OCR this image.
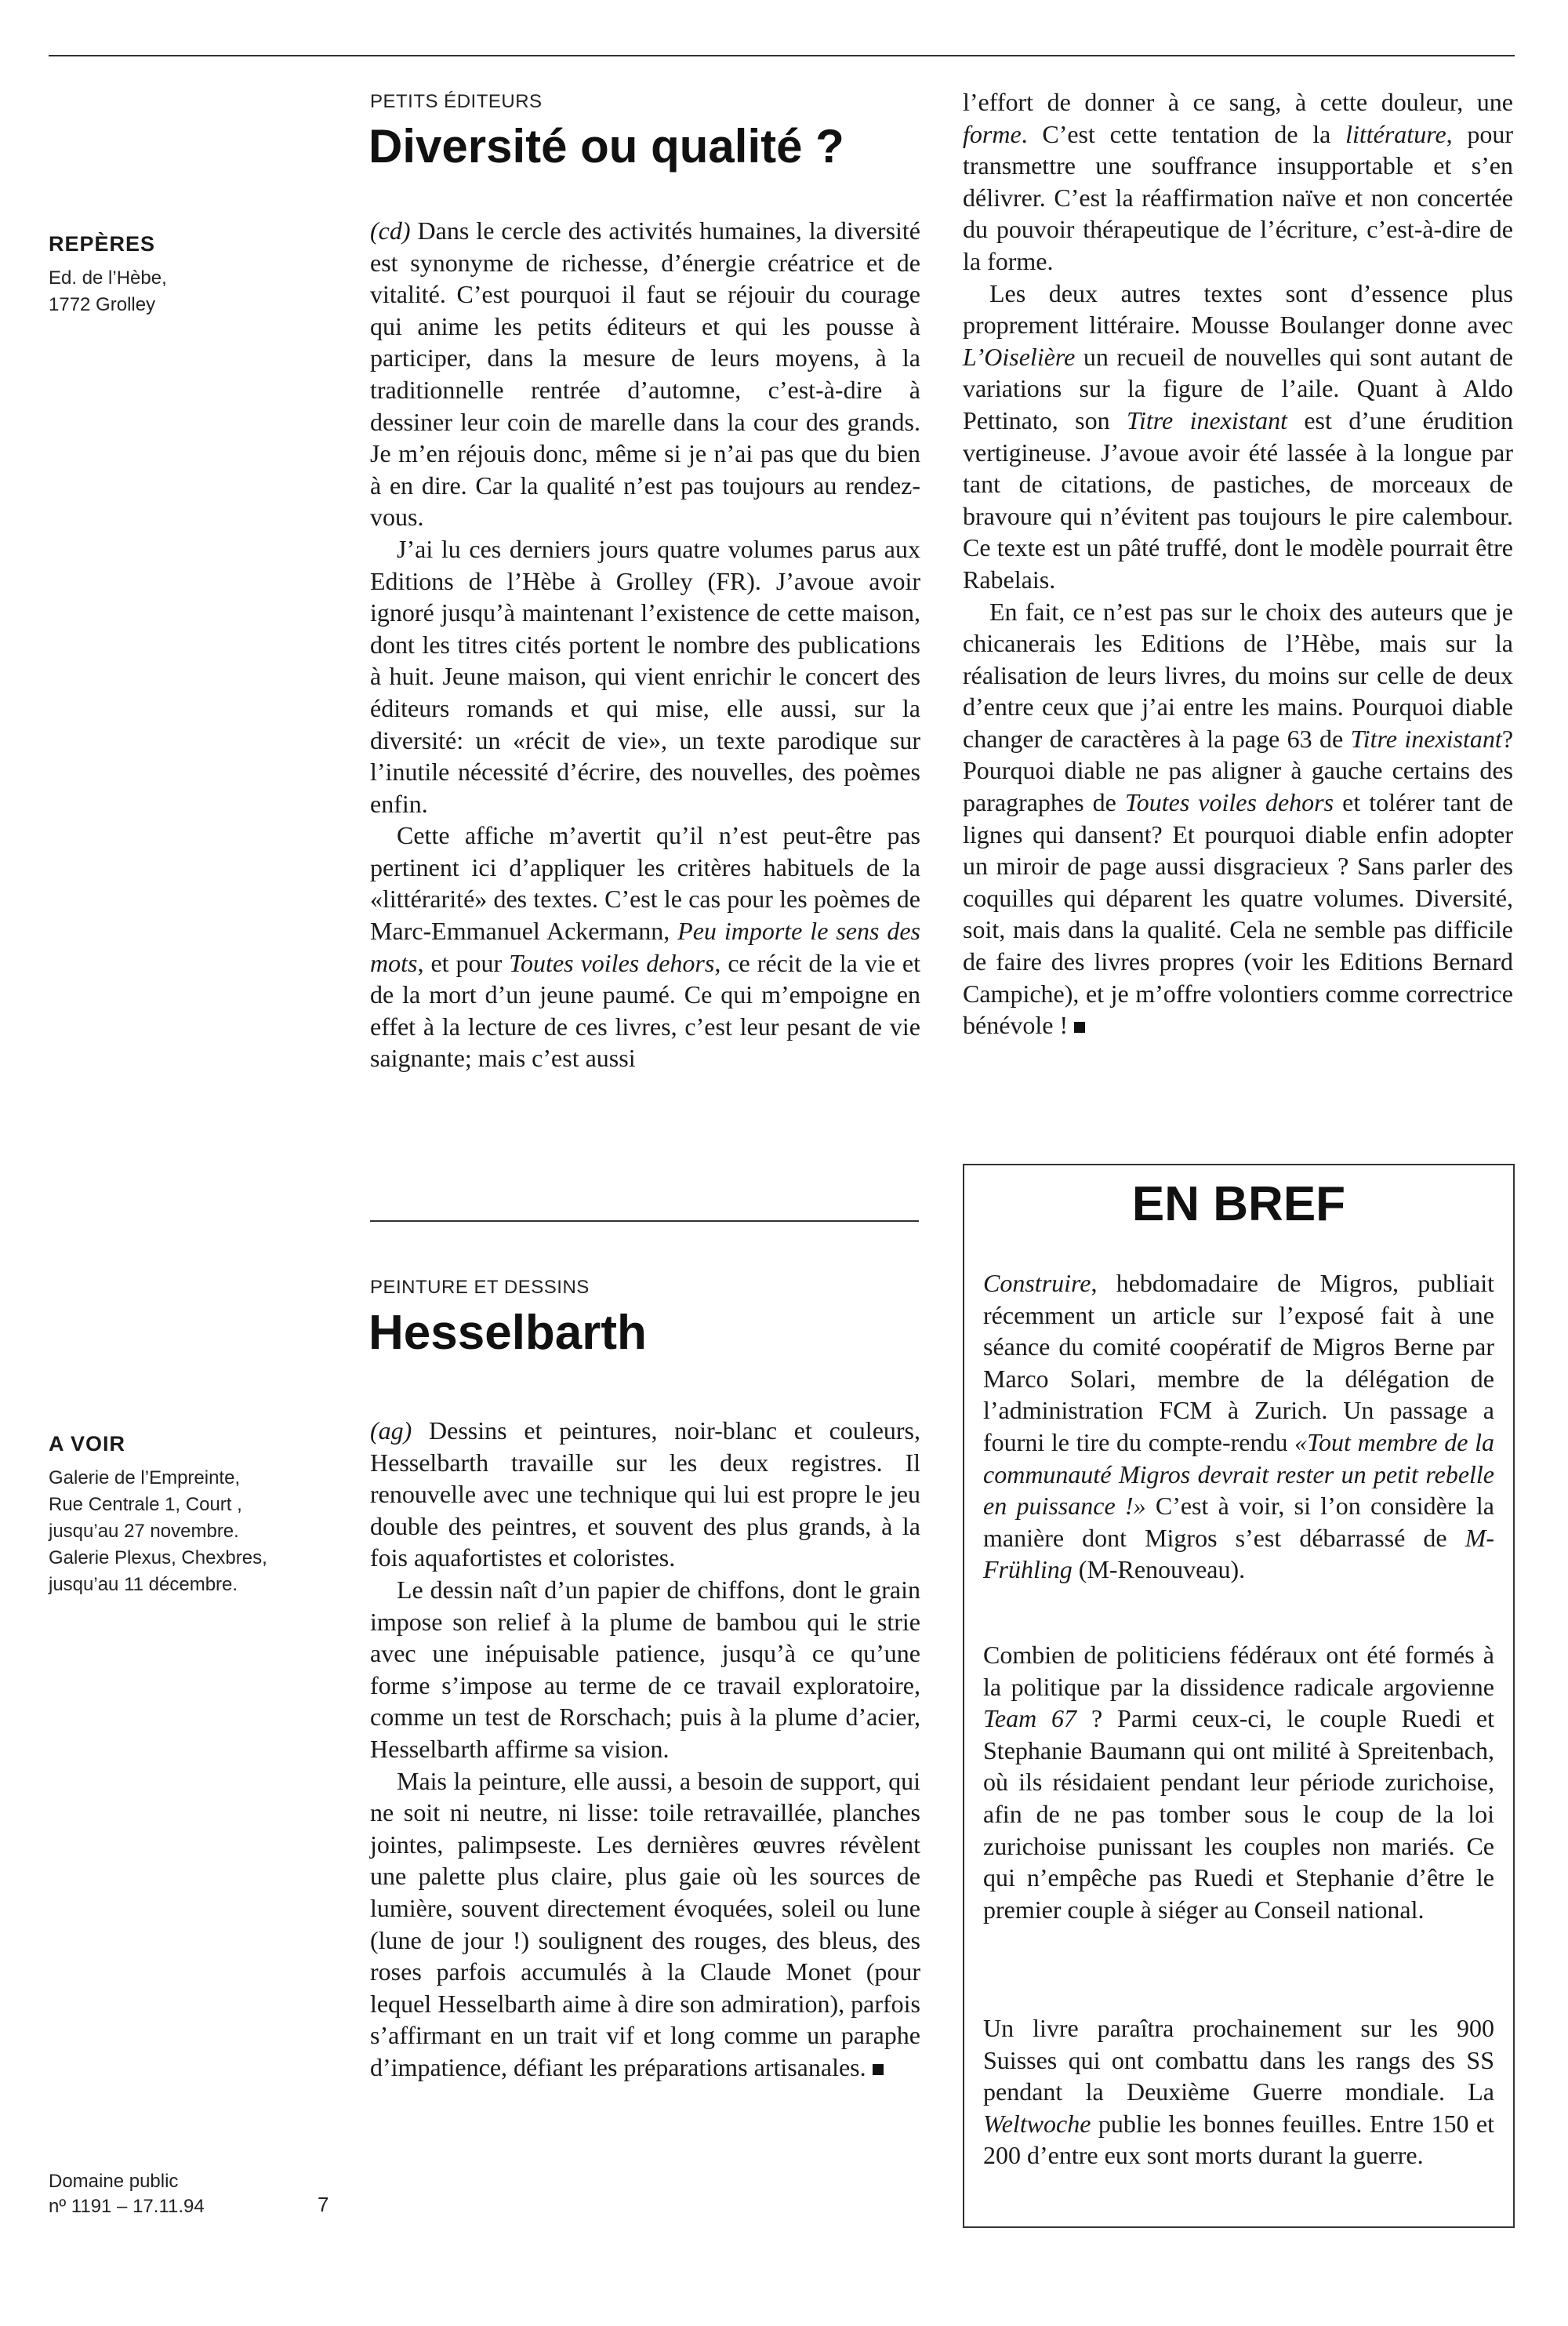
REPÈRES
Ed. de l’Hèbe,
1772 Grolley
A VOIR
Galerie de l’Empreinte,
Rue Centrale 1, Court ,
jusqu’au 27 novembre.
Galerie Plexus, Chexbres,
jusqu’au 11 décembre.
Domaine public
nº 1191 – 17.11.94	7
PETITS ÉDITEURS
Diversité ou qualité ?

(cd) Dans le cercle des activités humaines, la diversité est synonyme de richesse, d’énergie créatrice et de vitalité. C’est pourquoi il faut se réjouir du courage qui anime les petits éditeurs et qui les pousse à participer, dans la mesure de leurs moyens, à la traditionnelle rentrée d’automne, c’est-à-dire à dessiner leur coin de marelle dans la cour des grands. Je m’en réjouis donc, même si je n’ai pas que du bien à en dire. Car la qualité n’est pas toujours au rendez-vous.

J’ai lu ces derniers jours quatre volumes parus aux Editions de l’Hèbe à Grolley (FR). J’avoue avoir ignoré jusqu’à maintenant l’existence de cette maison, dont les titres cités portent le nombre des publications à huit. Jeune maison, qui vient enrichir le concert des éditeurs romands et qui mise, elle aussi, sur la diversité: un «récit de vie», un texte parodique sur l’inutile nécessité d’écrire, des nouvelles, des poèmes enfin.

Cette affiche m’avertit qu’il n’est peut-être pas pertinent ici d’appliquer les critères habituels de la «littérarité» des textes. C’est le cas pour les poèmes de Marc-Emmanuel Ackermann, Peu importe le sens des mots, et pour Toutes voiles dehors, ce récit de la vie et de la mort d’un jeune paumé. Ce qui m’empoigne en effet à la lecture de ces livres, c’est leur pesant de vie saignante; mais c’est aussi

l’effort de donner à ce sang, à cette douleur, une forme. C’est cette tentation de la littérature, pour transmettre une souffrance insupportable et s’en délivrer. C’est la réaffirmation naïve et non concertée du pouvoir thérapeutique de l’écriture, c’est-à-dire de la forme.

Les deux autres textes sont d’essence plus proprement littéraire. Mousse Boulanger donne avec L’Oiselière un recueil de nouvelles qui sont autant de variations sur la figure de l’aile. Quant à Aldo Pettinato, son Titre inexistant est d’une érudition vertigineuse. J’avoue avoir été lassée à la longue par tant de citations, de pastiches, de morceaux de bravoure qui n’évitent pas toujours le pire calembour. Ce texte est un pâté truffé, dont le modèle pourrait être Rabelais.

En fait, ce n’est pas sur le choix des auteurs que je chicanerais les Editions de l’Hèbe, mais sur la réalisation de leurs livres, du moins sur celle de deux d’entre ceux que j’ai entre les mains. Pourquoi diable changer de caractères à la page 63 de Titre inexistant? Pourquoi diable ne pas aligner à gauche certains des paragraphes de Toutes voiles dehors et tolérer tant de lignes qui dansent? Et pourquoi diable enfin adopter un miroir de page aussi disgracieux ? Sans parler des coquilles qui déparent les quatre volumes. Diversité, soit, mais dans la qualité. Cela ne semble pas difficile de faire des livres propres (voir les Editions Bernard Campiche), et je m’offre volontiers comme correctrice bénévole !

PEINTURE ET DESSINS
Hesselbarth

(ag) Dessins et peintures, noir-blanc et couleurs, Hesselbarth travaille sur les deux registres. Il renouvelle avec une technique qui lui est propre le jeu double des peintres, et souvent des plus grands, à la fois aquafortistes et coloristes.

Le dessin naît d’un papier de chiffons, dont le grain impose son relief à la plume de bambou qui le strie avec une inépuisable patience, jusqu’à ce qu’une forme s’impose au terme de ce travail exploratoire, comme un test de Rorschach; puis à la plume d’acier, Hesselbarth affirme sa vision.

Mais la peinture, elle aussi, a besoin de support, qui ne soit ni neutre, ni lisse: toile retravaillée, planches jointes, palimpseste. Les dernières œuvres révèlent une palette plus claire, plus gaie où les sources de lumière, souvent directement évoquées, soleil ou lune (lune de jour !) soulignent des rouges, des bleus, des roses parfois accumulés à la Claude Monet (pour lequel Hesselbarth aime à dire son admiration), parfois s’affirmant en un trait vif et long comme un paraphe d’impatience, défiant les préparations artisanales.

EN BREF

Construire, hebdomadaire de Migros, publiait récemment un article sur l’exposé fait à une séance du comité coopératif de Migros Berne par Marco Solari, membre de la délégation de l’administration FCM à Zurich. Un passage a fourni le tire du compte-rendu «Tout membre de la communauté Migros devrait rester un petit rebelle en puissance !» C’est à voir, si l’on considère la manière dont Migros s’est débarrassé de M-Frühling (M-Renouveau).

Combien de politiciens fédéraux ont été formés à la politique par la dissidence radicale argovienne Team 67 ? Parmi ceux-ci, le couple Ruedi et Stephanie Baumann qui ont milité à Spreitenbach, où ils résidaient pendant leur période zurichoise, afin de ne pas tomber sous le coup de la loi zurichoise punissant les couples non mariés. Ce qui n’empêche pas Ruedi et Stephanie d’être le premier couple à siéger au Conseil national.

Un livre paraîtra prochainement sur les 900 Suisses qui ont combattu dans les rangs des SS pendant la Deuxième Guerre mondiale. La Weltwoche publie les bonnes feuilles. Entre 150 et 200 d’entre eux sont morts durant la guerre.
